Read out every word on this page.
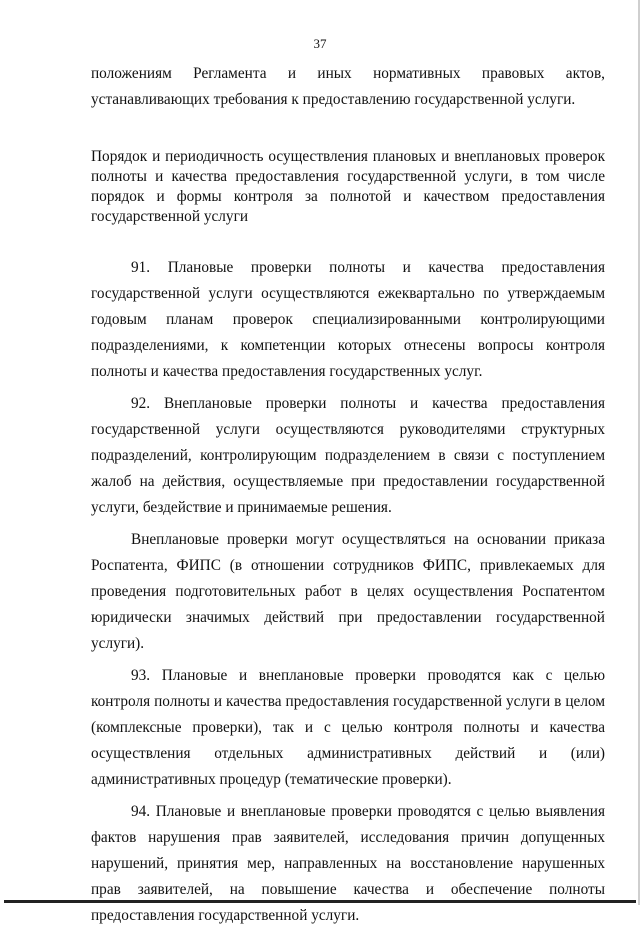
37

положениям Регламента и иных нормативных правовых актов, устанавливающих требования к предоставлению государственной услуги.

Порядок и периодичность осуществления плановых и внеплановых проверок полноты и качества предоставления государственной услуги, в том числе порядок и формы контроля за полнотой и качеством предоставления государственной услуги

91. Плановые проверки полноты и качества предоставления государственной услуги осуществляются ежеквартально по утверждаемым годовым планам проверок специализированными контролирующими подразделениями, к компетенции которых отнесены вопросы контроля полноты и качества предоставления государственных услуг.

92. Внеплановые проверки полноты и качества предоставления государственной услуги осуществляются руководителями структурных подразделений, контролирующим подразделением в связи с поступлением жалоб на действия, осуществляемые при предоставлении государственной услуги, бездействие и принимаемые решения.

Внеплановые проверки могут осуществляться на основании приказа Роспатента, ФИПС (в отношении сотрудников ФИПС, привлекаемых для проведения подготовительных работ в целях осуществления Роспатентом юридически значимых действий при предоставлении государственной услуги).

93. Плановые и внеплановые проверки проводятся как с целью контроля полноты и качества предоставления государственной услуги в целом (комплексные проверки), так и с целью контроля полноты и качества осуществления отдельных административных действий и (или) административных процедур (тематические проверки).

94. Плановые и внеплановые проверки проводятся с целью выявления фактов нарушения прав заявителей, исследования причин допущенных нарушений, принятия мер, направленных на восстановление нарушенных прав заявителей, на повышение качества и обеспечение полноты предоставления государственной услуги.
